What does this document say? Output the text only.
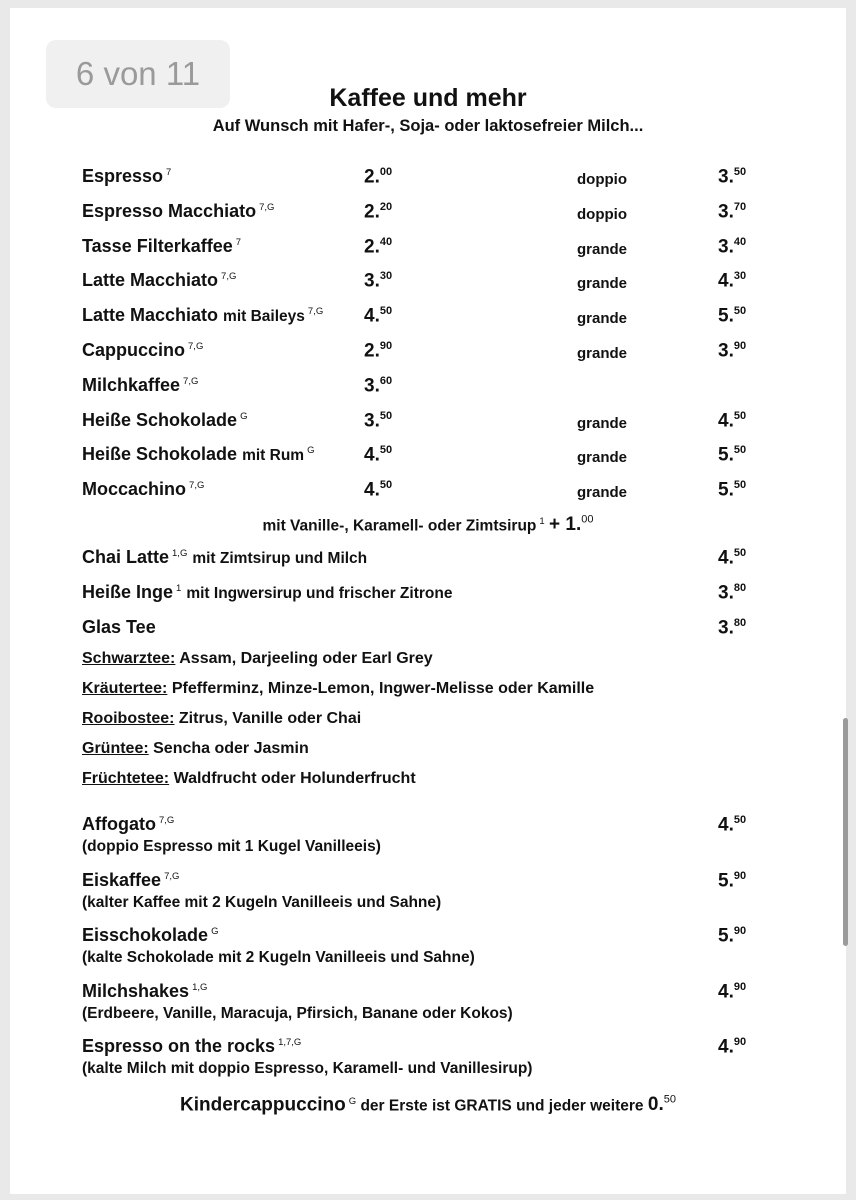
6 von 11
Kaffee und mehr
Auf Wunsch mit Hafer-, Soja- oder laktosefreier Milch...
Espresso $^7$	2.00	doppio	3.50
Espresso Macchiato $^{7,G}$	2.20	doppio	3.70
Tasse Filterkaffee $^7$	2.40	grande	3.40
Latte Macchiato $^{7,G}$	3.30	grande	4.30
Latte Macchiato mit Baileys $^{7,G}$ 4.50	grande	5.50
Cappuccino $^{7,G}$	2.90	grande	3.90
Milchkaffee $^{7,G}$	3.60
Heiße Schokolade $^G$	3.50	grande	4.50
Heiße Schokolade mit Rum $^G$	4.50	grande	5.50
Moccachino $^{7,G}$	4.50	grande	5.50
mit Vanille-, Karamell- oder Zimtsirup $^1$ + 1.00
Chai Latte $^{1,G}$ mit Zimtsirup und Milch	4.50
Heiße Inge $^1$ mit Ingwersirup und frischer Zitrone	3.80
Glas Tee	3.80
Schwarztee: Assam, Darjeeling oder Earl Grey
Kräutertee: Pfefferminz, Minze-Lemon, Ingwer-Melisse oder Kamille
Rooibostee: Zitrus, Vanille oder Chai
Grüntee: Sencha oder Jasmin
Früchtetee: Waldfrucht oder Holunderfrucht
Affogato $^{7,G}$	4.50
(doppio Espresso mit 1 Kugel Vanilleeis)
Eiskaffee $^{7,G}$	5.90
(kalter Kaffee mit 2 Kugeln Vanilleeis und Sahne)
Eisschokolade $^G$	5.90
(kalte Schokolade mit 2 Kugeln Vanilleeis und Sahne)
Milchshakes $^{1,G}$	4.90
(Erdbeere, Vanille, Maracuja, Pfirsich, Banane oder Kokos)
Espresso on the rocks $^{1,7,G}$	4.90
(kalte Milch mit doppio Espresso, Karamell- und Vanillesirup)
Kindercappuccino $^G$ der Erste ist GRATIS und jeder weitere 0.50
